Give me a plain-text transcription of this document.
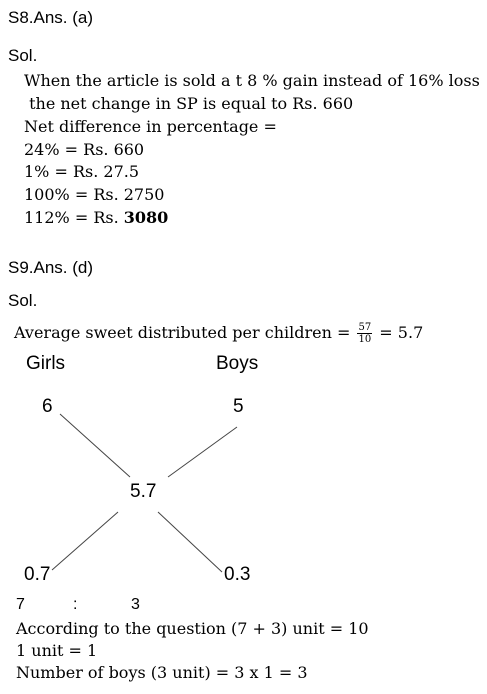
S8.Ans. (a)
Sol.
When the article is sold a t 8 % gain instead of 16% loss
the net change in SP is equal to Rs. 660
Net difference in percentage =
24% = Rs. 660
1% = Rs. 27.5
100% = Rs. 2750
112% = Rs. 3080
S9.Ans. (d)
Sol.
Average sweet distributed per children = $\frac{57}{10} = 5.7$
Girls	Boys
6	5
5.7
0.7	0.3
7	:	3
According to the question (7 + 3) unit = 10
1 unit = 1
Number of boys (3 unit) = 3 x 1 = 3
